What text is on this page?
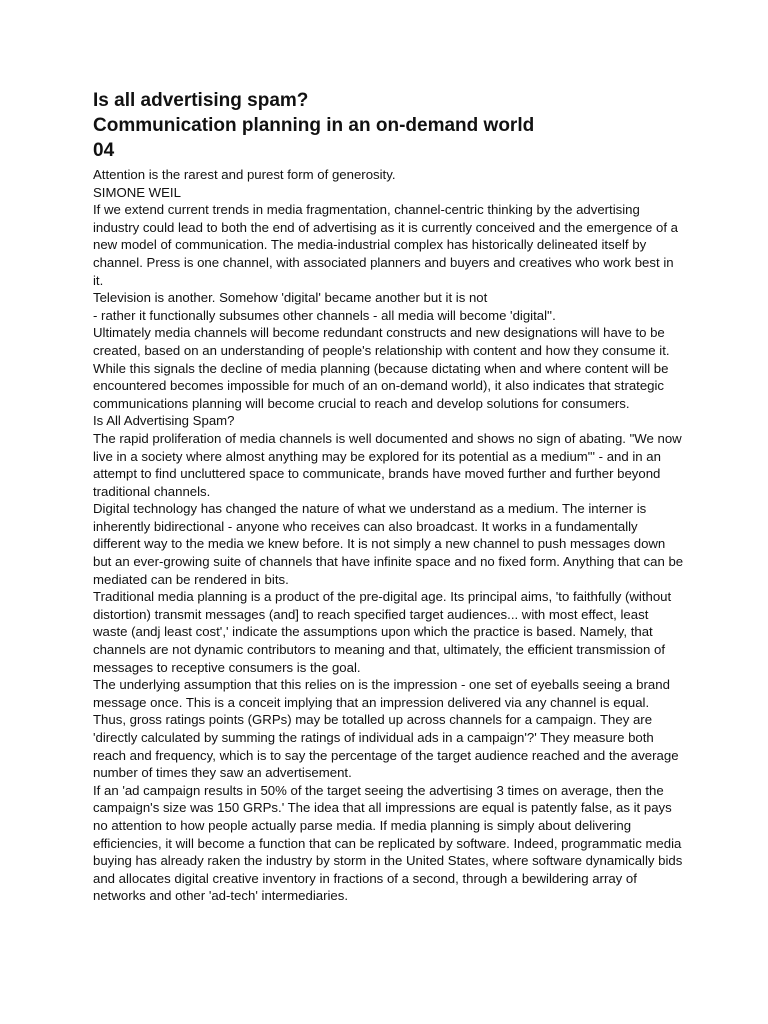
Is all advertising spam?
Communication planning in an on-demand world
04

Attention is the rarest and purest form of generosity.

SIMONE WEIL

If we extend current trends in media fragmentation, channel-centric thinking by the advertising industry could lead to both the end of advertising as it is currently conceived and the emergence of a new model of communication. The media-industrial complex has historically delineated itself by channel. Press is one channel, with associated planners and buyers and creatives who work best in it.

Television is another. Somehow 'digital' became another but it is not

- rather it functionally subsumes other channels - all media will become 'digital''.

Ultimately media channels will become redundant constructs and new designations will have to be created, based on an understanding of people's relationship with content and how they consume it. While this signals the decline of media planning (because dictating when and where content will be encountered becomes impossible for much of an on-demand world), it also indicates that strategic communications planning will become crucial to reach and develop solutions for consumers.

Is All Advertising Spam?

The rapid proliferation of media channels is well documented and shows no sign of abating. "We now live in a society where almost anything may be explored for its potential as a medium"' - and in an attempt to find uncluttered space to communicate, brands have moved further and further beyond traditional channels.

Digital technology has changed the nature of what we understand as a medium. The interner is inherently bidirectional - anyone who receives can also broadcast. It works in a fundamentally different way to the media we knew before. It is not simply a new channel to push messages down but an ever-growing suite of channels that have infinite space and no fixed form. Anything that can be mediated can be rendered in bits.

Traditional media planning is a product of the pre-digital age. Its principal aims, 'to faithfully (without distortion) transmit messages (and] to reach specified target audiences... with most effect, least waste (andj least cost',' indicate the assumptions upon which the practice is based. Namely, that channels are not dynamic contributors to meaning and that, ultimately, the efficient transmission of messages to receptive consumers is the goal.

The underlying assumption that this relies on is the impression - one set of eyeballs seeing a brand message once. This is a conceit implying that an impression delivered via any channel is equal. Thus, gross ratings points (GRPs) may be totalled up across channels for a campaign. They are 'directly calculated by summing the ratings of individual ads in a campaign'?' They measure both reach and frequency, which is to say the percentage of the target audience reached and the average number of times they saw an advertisement.

If an 'ad campaign results in 50% of the target seeing the advertising 3 times on average, then the campaign's size was 150 GRPs.' The idea that all impressions are equal is patently false, as it pays no attention to how people actually parse media. If media planning is simply about delivering efficiencies, it will become a function that can be replicated by software. Indeed, programmatic media buying has already raken the industry by storm in the United States, where software dynamically bids and allocates digital creative inventory in fractions of a second, through a bewildering array of networks and other 'ad-tech' intermediaries.
